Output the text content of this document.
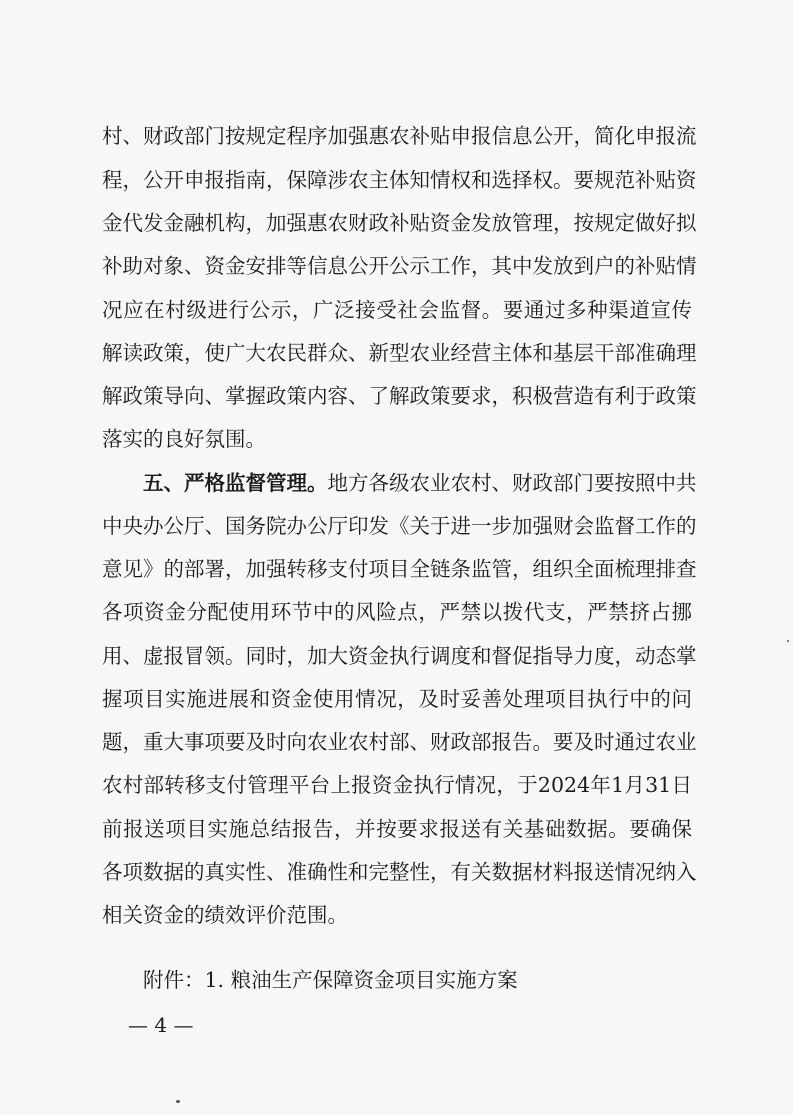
村、财政部门按规定程序加强惠农补贴申报信息公开，简化申报流
程，公开申报指南，保障涉农主体知情权和选择权。要规范补贴资
金代发金融机构，加强惠农财政补贴资金发放管理，按规定做好拟
补助对象、资金安排等信息公开公示工作，其中发放到户的补贴情
况应在村级进行公示，广泛接受社会监督。要通过多种渠道宣传
解读政策，使广大农民群众、新型农业经营主体和基层干部准确理
解政策导向、掌握政策内容、了解政策要求，积极营造有利于政策
落实的良好氛围。
五、严格监督管理。地方各级农业农村、财政部门要按照中共
中央办公厅、国务院办公厅印发《关于进一步加强财会监督工作的
意见》的部署，加强转移支付项目全链条监管，组织全面梳理排查
各项资金分配使用环节中的风险点，严禁以拨代支，严禁挤占挪
用、虚报冒领。同时，加大资金执行调度和督促指导力度，动态掌
握项目实施进展和资金使用情况，及时妥善处理项目执行中的问
题，重大事项要及时向农业农村部、财政部报告。要及时通过农业
农村部转移支付管理平台上报资金执行情况，于2024年1月31日
前报送项目实施总结报告，并按要求报送有关基础数据。要确保
各项数据的真实性、准确性和完整性，有关数据材料报送情况纳入
相关资金的绩效评价范围。
附件：1. 粮油生产保障资金项目实施方案
— 4 —
